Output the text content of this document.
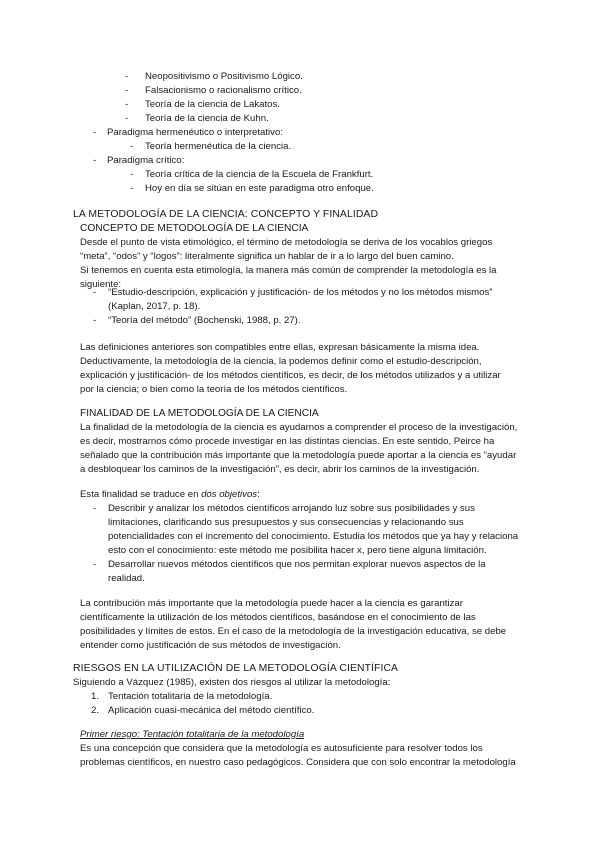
- Neopositivismo o Positivismo Lógico.
- Falsacionismo o racionalismo crítico.
- Teoría de la ciencia de Lakatos.
- Teoría de la ciencia de Kuhn.
- Paradigma hermenéutico o interpretativo:
- Teoría hermenéutica de la ciencia.
- Paradigma crítico:
- Teoría crítica de la ciencia de la Escuela de Frankfurt.
- Hoy en día se sitúan en este paradigma otro enfoque.
LA METODOLOGÍA DE LA CIENCIA: CONCEPTO Y FINALIDAD
CONCEPTO DE METODOLOGÍA DE LA CIENCIA
Desde el punto de vista etimológico, el término de metodología se deriva de los vocablos griegos
“meta”, “odos” y “logos”: literalmente significa un hablar de ir a lo largo del buen camino.
Si tenemos en cuenta esta etimología, la manera más común de comprender la metodología es la
siguiente:
- “Estudio-descripción, explicación y justificación- de los métodos y no los métodos mismos”
(Kaplan, 2017, p. 18).
- “Teoría del método” (Bochenski, 1988, p. 27).
Las definiciones anteriores son compatibles entre ellas, expresan básicamente la misma idea.
Deductivamente, la metodología de la ciencia, la podemos definir como el estudio-descripción,
explicación y justificación- de los métodos científicos, es decir, de los métodos utilizados y a utilizar
por la ciencia; o bien como la teoría de los métodos científicos.
FINALIDAD DE LA METODOLOGÍA DE LA CIENCIA
La finalidad de la metodología de la ciencia es ayudarnos a comprender el proceso de la investigación,
es decir, mostrarnos cómo procede investigar en las distintas ciencias. En este sentido, Peirce ha
señalado que la contribución más importante que la metodología puede aportar a la ciencia es “ayudar
a desbloquear los caminos de la investigación”, es decir, abrir los caminos de la investigación.
Esta finalidad se traduce en dos objetivos:
- Describir y analizar los métodos científicos arrojando luz sobre sus posibilidades y sus
limitaciones, clarificando sus presupuestos y sus consecuencias y relacionando sus
potencialidades con el incremento del conocimiento. Estudia los métodos que ya hay y relaciona
esto con el conocimiento: este método me posibilita hacer x, pero tiene alguna limitación.
- Desarrollar nuevos métodos científicos que nos permitan explorar nuevos aspectos de la
realidad.
La contribución más importante que la metodología puede hacer a la ciencia es garantizar
científicamente la utilización de los métodos científicos, basándose en el conocimiento de las
posibilidades y límites de estos. En el caso de la metodología de la investigación educativa, se debe
entender como justificación de sus métodos de investigación.
RIESGOS EN LA UTILIZACIÓN DE LA METODOLOGÍA CIENTÍFICA
Siguiendo a Vázquez (1985), existen dos riesgos al utilizar la metodología:
1. Tentación totalitaria de la metodología.
2. Aplicación cuasi-mecánica del método científico.
Primer riesgo: Tentación totalitaria de la metodología
Es una concepción que considera que la metodología es autosuficiente para resolver todos los
problemas científicos, en nuestro caso pedagógicos. Considera que con solo encontrar la metodología
